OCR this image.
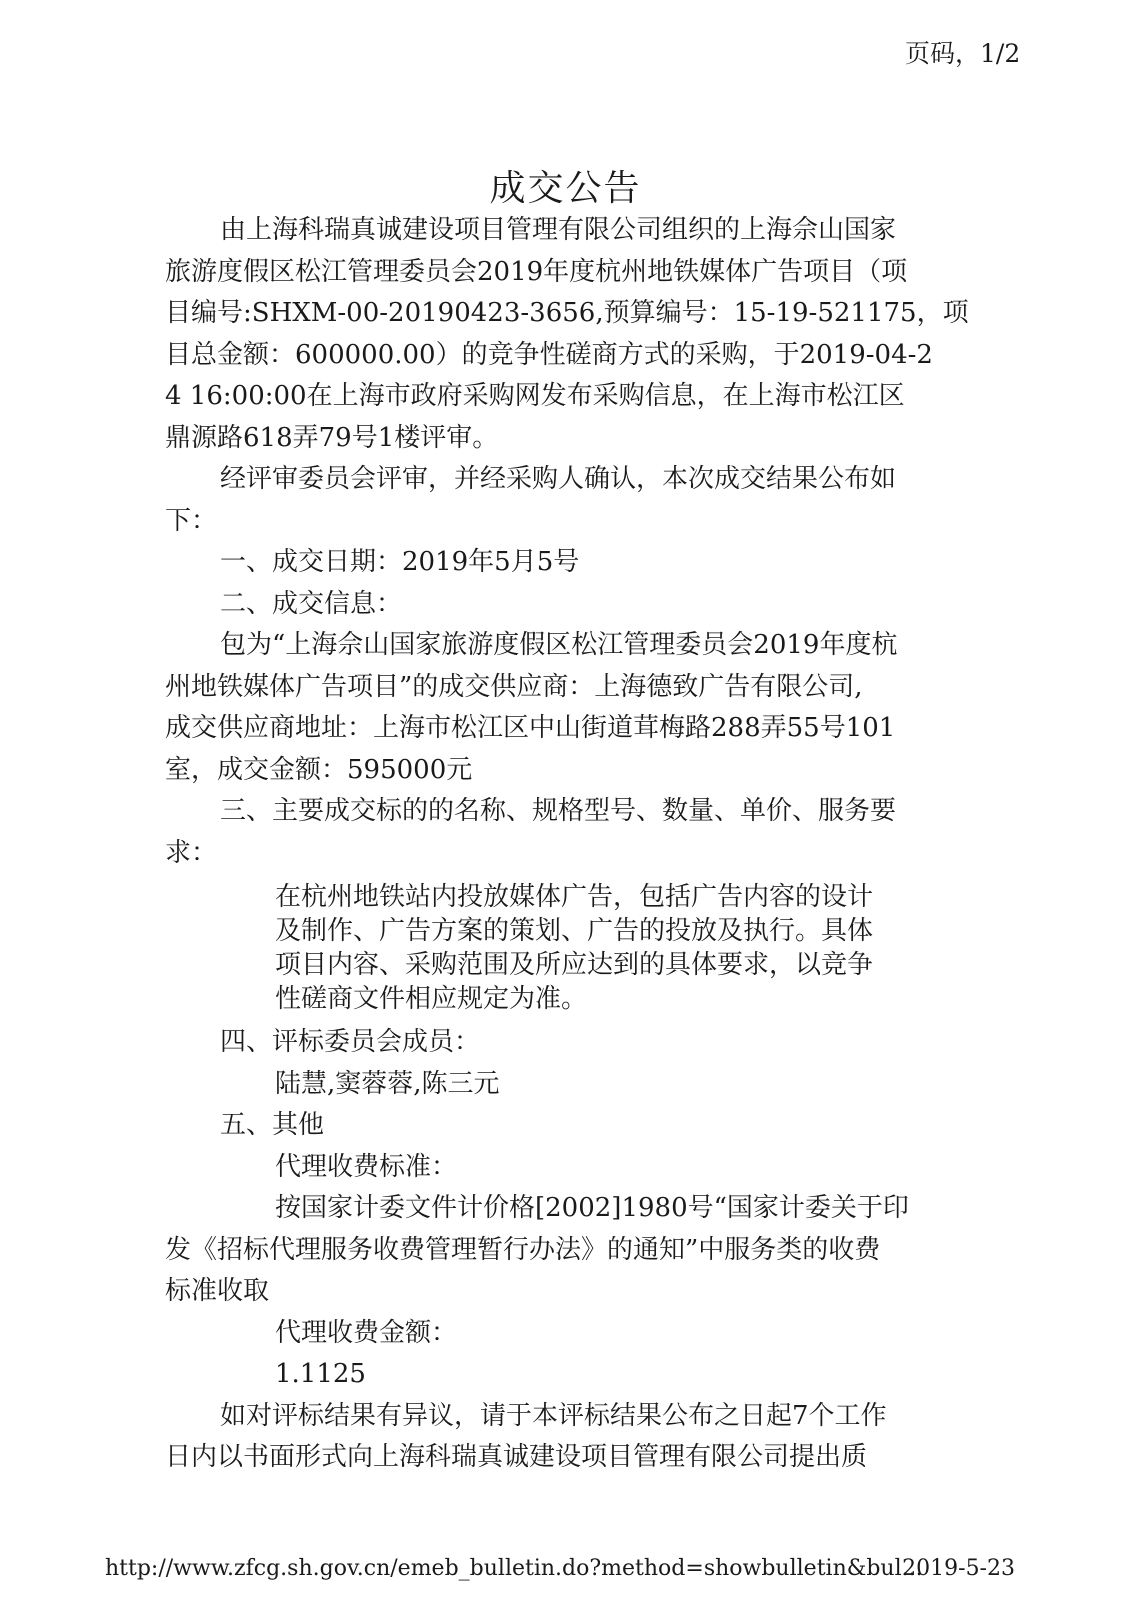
页码，1/2
成交公告
由上海科瑞真诚建设项目管理有限公司组织的上海佘山国家
旅游度假区松江管理委员会2019年度杭州地铁媒体广告项目（项
目编号:SHXM-00-20190423-3656,预算编号：15-19-521175，项
目总金额：600000.00）的竞争性磋商方式的采购，于2019-04-2
4 16:00:00在上海市政府采购网发布采购信息，在上海市松江区
鼎源路618弄79号1楼评审。
经评审委员会评审，并经采购人确认，本次成交结果公布如
下：
一、成交日期：2019年5月5号
二、成交信息：
包为“上海佘山国家旅游度假区松江管理委员会2019年度杭
州地铁媒体广告项目”的成交供应商：上海德致广告有限公司,
成交供应商地址：上海市松江区中山街道茸梅路288弄55号101
室，成交金额：595000元
三、主要成交标的的名称、规格型号、数量、单价、服务要
求：
在杭州地铁站内投放媒体广告，包括广告内容的设计
及制作、广告方案的策划、广告的投放及执行。具体
项目内容、采购范围及所应达到的具体要求，以竞争
性磋商文件相应规定为准。
四、评标委员会成员：
陆慧,窦蓉蓉,陈三元
五、其他
代理收费标准：
按国家计委文件计价格[2002]1980号“国家计委关于印
发《招标代理服务收费管理暂行办法》的通知”中服务类的收费
标准收取
代理收费金额：
1.1125
如对评标结果有异议，请于本评标结果公布之日起7个工作
日内以书面形式向上海科瑞真诚建设项目管理有限公司提出质
http://www.zfcg.sh.gov.cn/emeb_bulletin.do?method=showbulletin&bul...
2019-5-23
